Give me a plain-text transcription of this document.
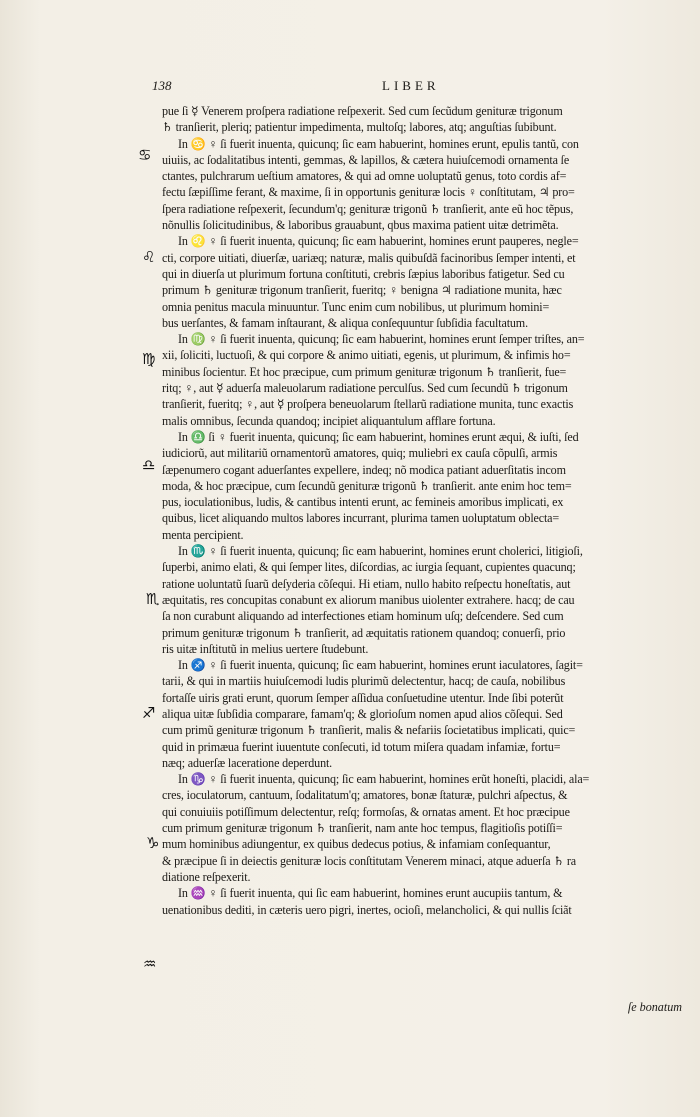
138	LIBER
♋
♌
♍
♎
♏
♐
♑
♒
pue ſi ☿ Venerem proſpera radiatione reſpexerit. Sed cum ſecũdum genituræ trigonum
♄ tranſierit, pleriq; patientur impedimenta, multoſq; labores, atq; anguſtias ſubibunt.
In ♋ ♀ ſi fuerit inuenta, quicunq; ſic eam habuerint, homines erunt, epulis tantũ, con
uiuiis, ac ſodalitatibus intenti, gemmas, & lapillos, & cætera huiuſcemodi ornamenta ſe
ctantes, pulchrarum ueſtium amatores, & qui ad omne uoluptatũ genus, toto cordis af=
fectu ſæpiſſime ferant, & maxime, ſi in opportunis genituræ locis ♀ conſtitutam, ♃ pro=
ſpera radiatione reſpexerit, ſecundum'q; genituræ trigonũ ♄ tranſierit, ante eũ hoc tẽpus,
nõnullis ſolicitudinibus, & laboribus grauabunt, qbus maxima patient uitæ detrimẽta.
In ♌ ♀ ſi fuerit inuenta, quicunq; ſic eam habuerint, homines erunt pauperes, negle=
cti, corpore uitiati, diuerſæ, uariæq; naturæ, malis quibuſdã facinoribus ſemper intenti, et
qui in diuerſa ut plurimum fortuna conſtituti, crebris ſæpius laboribus fatigetur. Sed cu
primum ♄ genituræ trigonum tranſierit, fueritq; ♀ benigna ♃ radiatione munita, hæc
omnia penitus macula minuuntur. Tunc enim cum nobilibus, ut plurimum homini=
bus uerſantes, & famam inſtaurant, & aliqua conſequuntur ſubſidia facultatum.
In ♍ ♀ ſi fuerit inuenta, quicunq; ſic eam habuerint, homines erunt ſemper triſtes, an=
xii, ſoliciti, luctuoſi, & qui corpore & animo uitiati, egenis, ut plurimum, & infimis ho=
minibus ſocientur. Et hoc præcipue, cum primum genituræ trigonum ♄ tranſierit, fue=
ritq; ♀, aut ☿ aduerſa maleuolarum radiatione perculſus. Sed cum ſecundũ ♄ trigonum
tranſierit, fueritq; ♀, aut ☿ proſpera beneuolarum ſtellarũ radiatione munita, tunc exactis
malis omnibus, ſecunda quandoq; incipiet aliquantulum afflare fortuna.
In ♎ ſi ♀ fuerit inuenta, quicunq; ſic eam habuerint, homines erunt æqui, & iuſti, ſed
iudiciorũ, aut militariũ ornamentorũ amatores, quiq; muliebri ex cauſa cõpulſi, armis
ſæpenumero cogant aduerſantes expellere, indeq; nõ modica patiant aduerſitatis incom
moda, & hoc præcipue, cum ſecundũ genituræ trigonũ ♄ tranſierit. ante enim hoc tem=
pus, ioculationibus, ludis, & cantibus intenti erunt, ac femineis amoribus implicati, ex
quibus, licet aliquando multos labores incurrant, plurima tamen uoluptatum oblecta=
menta percipient.
In ♏ ♀ ſi fuerit inuenta, quicunq; ſic eam habuerint, homines erunt cholerici, litigioſi,
ſuperbi, animo elati, & qui ſemper lites, diſcordias, ac iurgia ſequant, cupientes quacunq;
ratione uoluntatũ ſuarũ deſyderia cõſequi. Hi etiam, nullo habito reſpectu honeſtatis, aut
æquitatis, res concupitas conabunt ex aliorum manibus uiolenter extrahere. hacq; de cau
ſa non curabunt aliquando ad interfectiones etiam hominum uſq; deſcendere. Sed cum
primum genituræ trigonum ♄ tranſierit, ad æquitatis rationem quandoq; conuerſi, prio
ris uitæ inſtitutũ in melius uertere ſtudebunt.
In ♐ ♀ ſi fuerit inuenta, quicunq; ſic eam habuerint, homines erunt iaculatores, ſagit=
tarii, & qui in martiis huiuſcemodi ludis plurimũ delectentur, hacq; de cauſa, nobilibus
fortaſſe uiris grati erunt, quorum ſemper aſſidua conſuetudine utentur. Inde ſibi poterũt
aliqua uitæ ſubſidia comparare, famam'q; & glorioſum nomen apud alios cõſequi. Sed
cum primũ genituræ trigonum ♄ tranſierit, malis & nefariis ſocietatibus implicati, quic=
quid in primæua fuerint iuuentute conſecuti, id totum miſera quadam infamiæ, fortu=
næq; aduerſæ laceratione deperdunt.
In ♑ ♀ ſi fuerit inuenta, quicunq; ſic eam habuerint, homines erũt honeſti, placidi, ala=
cres, ioculatorum, cantuum, ſodalitatum'q; amatores, bonæ ſtaturæ, pulchri aſpectus, &
qui conuiuiis potiſſimum delectentur, reſq; formoſas, & ornatas ament. Et hoc præcipue
cum primum genituræ trigonum ♄ tranſierit, nam ante hoc tempus, flagitioſis potiſſi=
mum hominibus adiungentur, ex quibus dedecus potius, & infamiam conſequantur,
& præcipue ſi in deiectis genituræ locis conſtitutam Venerem minaci, atque aduerſa ♄ ra
diatione reſpexerit.
In ♒ ♀ ſi fuerit inuenta, qui ſic eam habuerint, homines erunt aucupiis tantum, &
uenationibus dediti, in cæteris uero pigri, inertes, ocioſi, melancholici, & qui nullis ſciãt
ſe bonatum
